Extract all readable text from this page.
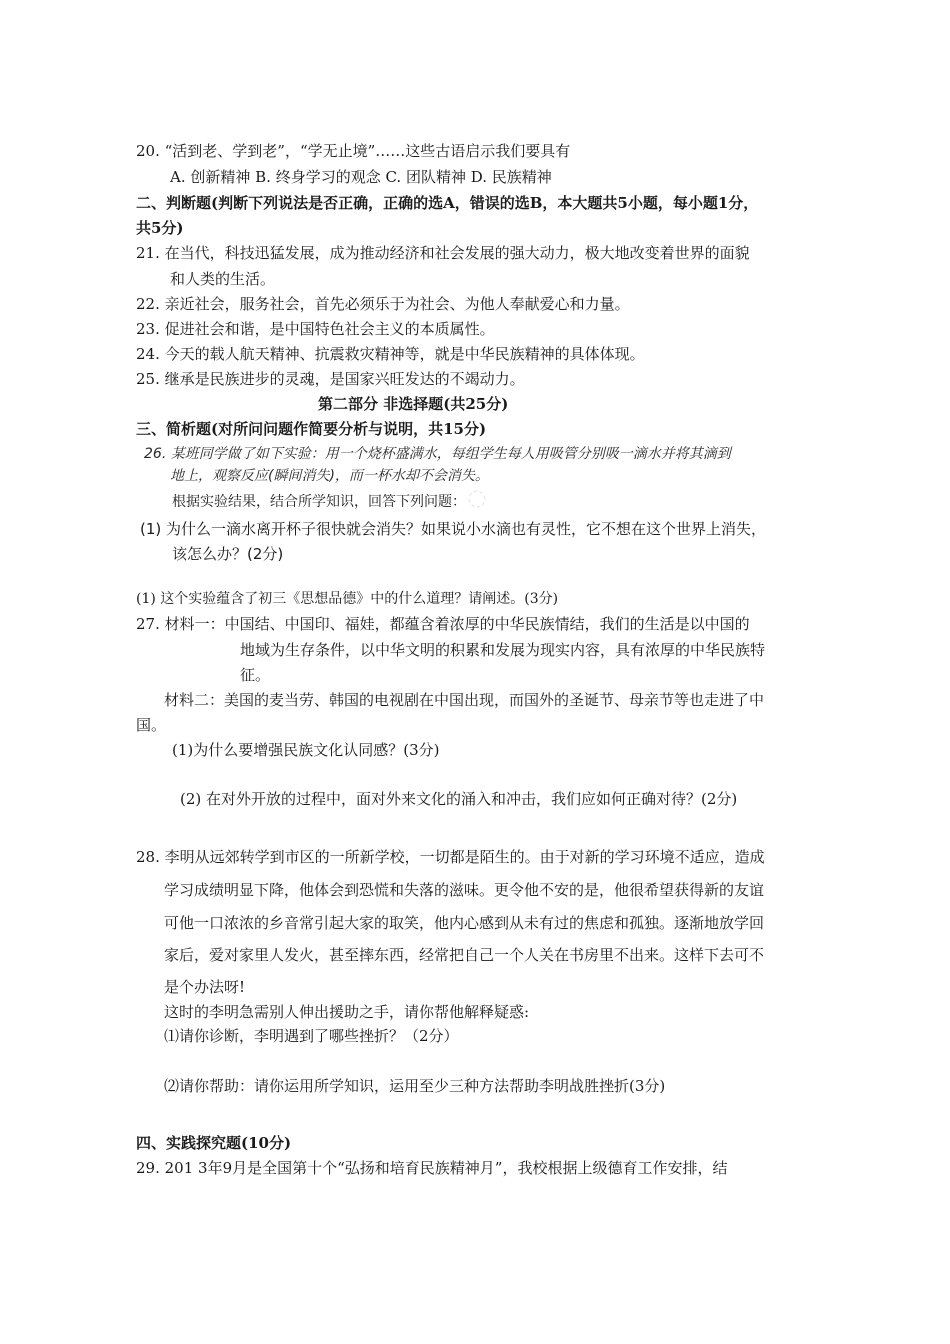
20. “活到老、学到老”，“学无止境”……这些古语启示我们要具有
A. 创新精神 B. 终身学习的观念 C. 团队精神 D. 民族精神
二、判断题(判断下列说法是否正确，正确的选A，错误的选B，本大题共5小题，每小题1分，
共5分)
21. 在当代，科技迅猛发展，成为推动经济和社会发展的强大动力，极大地改变着世界的面貌
和人类的生活。
22. 亲近社会，服务社会，首先必须乐于为社会、为他人奉献爱心和力量。
23. 促进社会和谐，是中国特色社会主义的本质属性。
24. 今天的载人航天精神、抗震救灾精神等，就是中华民族精神的具体体现。
25. 继承是民族进步的灵魂，是国家兴旺发达的不竭动力。
第二部分 非选择题(共25分)
三、简析题(对所问问题作简要分析与说明，共15分)
26. 某班同学做了如下实验：用一个烧杯盛满水，每组学生每人用吸管分别吸一滴水并将其滴到
地上，观察反应(瞬间消失)，而一杯水却不会消失。
根据实验结果，结合所学知识，回答下列问题：
◌
(1) 为什么一滴水离开杯子很快就会消失？如果说小水滴也有灵性，它不想在这个世界上消失，
该怎么办？(2分)
(1) 这个实验蕴含了初三《思想品德》中的什么道理？请阐述。(3分)
27. 材料一：中国结、中国印、福娃，都蕴含着浓厚的中华民族情结，我们的生活是以中国的
地域为生存条件，以中华文明的积累和发展为现实内容，具有浓厚的中华民族特
征。
材料二：美国的麦当劳、韩国的电视剧在中国出现，而国外的圣诞节、母亲节等也走进了中
国。
(1)为什么要增强民族文化认同感？(3分)
(2) 在对外开放的过程中，面对外来文化的涌入和冲击，我们应如何正确对待？(2分)
28. 李明从远郊转学到市区的一所新学校，一切都是陌生的。由于对新的学习环境不适应，造成
学习成绩明显下降，他体会到恐慌和失落的滋味。更令他不安的是，他很希望获得新的友谊
可他一口浓浓的乡音常引起大家的取笑，他内心感到从未有过的焦虑和孤独。逐渐地放学回
家后，爱对家里人发火，甚至摔东西，经常把自己一个人关在书房里不出来。这样下去可不
是个办法呀!
这时的李明急需别人伸出援助之手，请你帮他解释疑惑:
⑴请你诊断，李明遇到了哪些挫折？（2分）
⑵请你帮助：请你运用所学知识，运用至少三种方法帮助李明战胜挫折(3分)
四、实践探究题(10分)
29. 201 3年9月是全国第十个“弘扬和培育民族精神月”，我校根据上级德育工作安排，结
